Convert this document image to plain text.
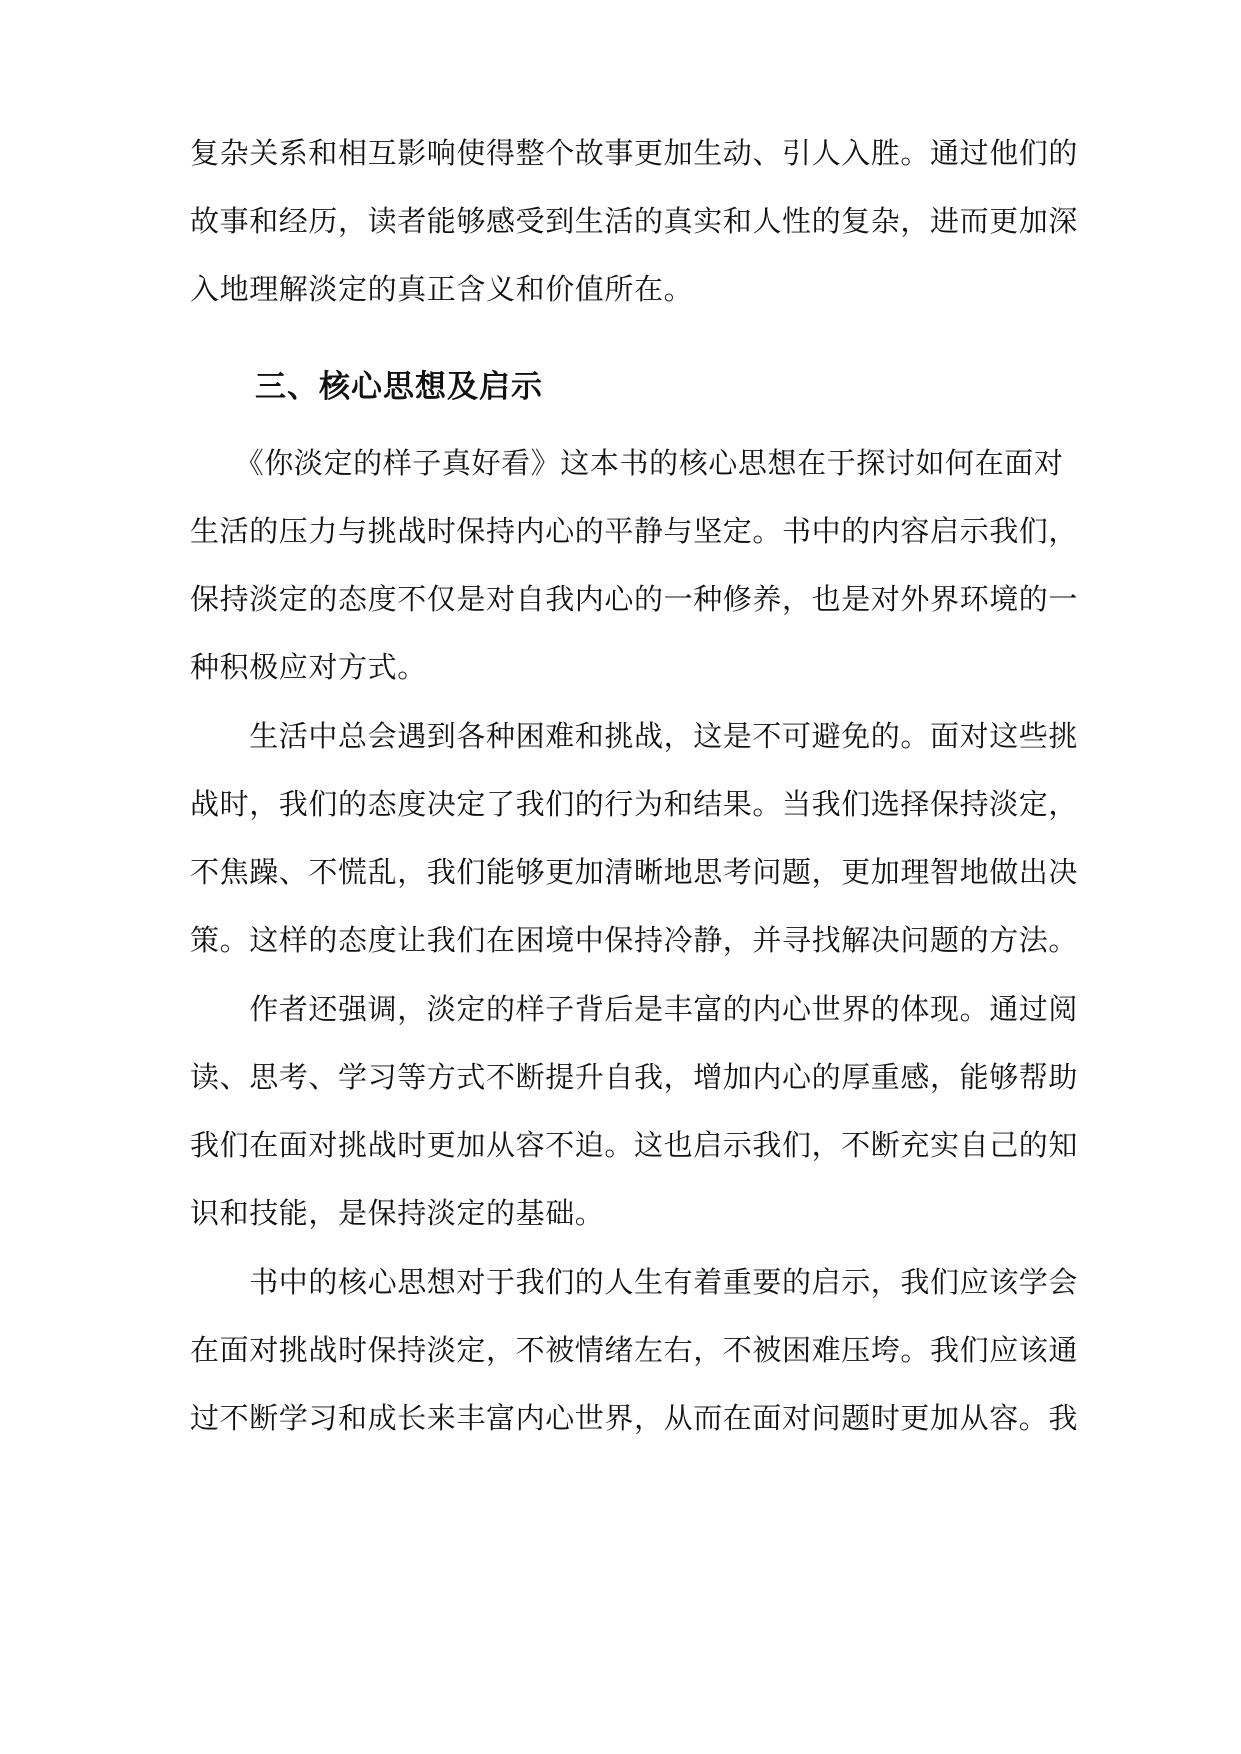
复杂关系和相互影响使得整个故事更加生动、引人入胜。通过他们的
故事和经历，读者能够感受到生活的真实和人性的复杂，进而更加深
入地理解淡定的真正含义和价值所在。
三、核心思想及启示
　　《你淡定的样子真好看》这本书的核心思想在于探讨如何在面对
生活的压力与挑战时保持内心的平静与坚定。书中的内容启示我们，
保持淡定的态度不仅是对自我内心的一种修养，也是对外界环境的一
种积极应对方式。
　　生活中总会遇到各种困难和挑战，这是不可避免的。面对这些挑
战时，我们的态度决定了我们的行为和结果。当我们选择保持淡定，
不焦躁、不慌乱，我们能够更加清晰地思考问题，更加理智地做出决
策。这样的态度让我们在困境中保持冷静，并寻找解决问题的方法。
　　作者还强调，淡定的样子背后是丰富的内心世界的体现。通过阅
读、思考、学习等方式不断提升自我，增加内心的厚重感，能够帮助
我们在面对挑战时更加从容不迫。这也启示我们，不断充实自己的知
识和技能，是保持淡定的基础。
　　书中的核心思想对于我们的人生有着重要的启示，我们应该学会
在面对挑战时保持淡定，不被情绪左右，不被困难压垮。我们应该通
过不断学习和成长来丰富内心世界，从而在面对问题时更加从容。我
